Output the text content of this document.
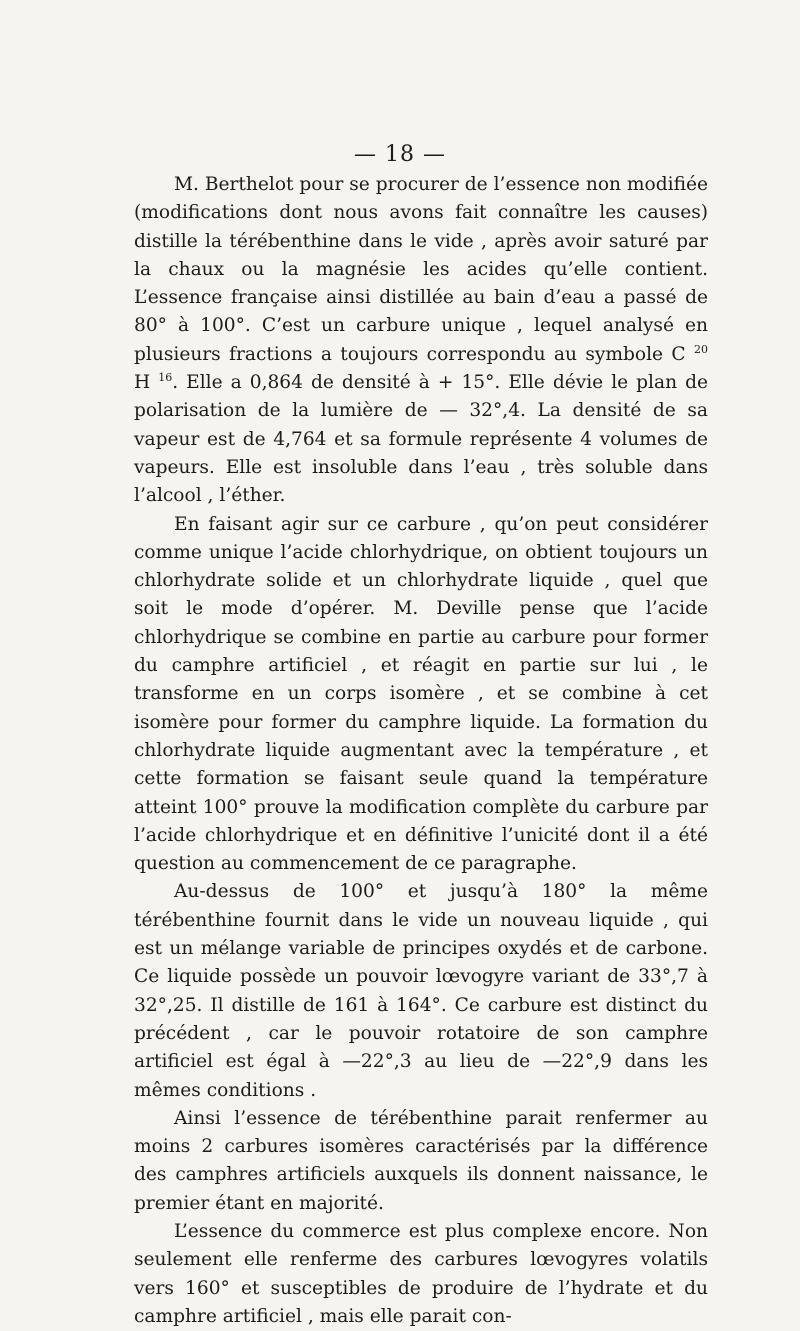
— 18 —

M. Berthelot pour se procurer de l’essence non modifiée (modifications dont nous avons fait connaître les causes) distille la térébenthine dans le vide , après avoir saturé par la chaux ou la magnésie les acides qu’elle contient. L’essence française ainsi distillée au bain d’eau a passé de 80° à 100°. C’est un carbure unique , lequel analysé en plusieurs fractions a toujours correspondu au symbole C $^{20}$ H $^{16}$. Elle a 0,864 de densité à + 15°. Elle dévie le plan de polarisation de la lumière de — 32°,4. La densité de sa vapeur est de 4,764 et sa formule représente 4 volumes de vapeurs. Elle est insoluble dans l’eau , très soluble dans l’alcool , l’éther.

En faisant agir sur ce carbure , qu’on peut considérer comme unique l’acide chlorhydrique, on obtient toujours un chlorhydrate solide et un chlorhydrate liquide , quel que soit le mode d’opérer. M. Deville pense que l’acide chlorhydrique se combine en partie au carbure pour former du camphre artificiel , et réagit en partie sur lui , le transforme en un corps isomère , et se combine à cet isomère pour former du camphre liquide. La formation du chlorhydrate liquide augmentant avec la température , et cette formation se faisant seule quand la température atteint 100° prouve la modification complète du carbure par l’acide chlorhydrique et en définitive l’unicité dont il a été question au commencement de ce paragraphe.

Au-dessus de 100° et jusqu’à 180° la même térébenthine fournit dans le vide un nouveau liquide , qui est un mélange variable de principes oxydés et de carbone. Ce liquide possède un pouvoir lœvogyre variant de 33°,7 à 32°,25. Il distille de 161 à 164°. Ce carbure est distinct du précédent , car le pouvoir rotatoire de son camphre artificiel est égal à —22°,3 au lieu de —22°,9 dans les mêmes conditions .

Ainsi l’essence de térébenthine parait renfermer au moins 2 carbures isomères caractérisés par la différence des camphres artificiels auxquels ils donnent naissance, le premier étant en majorité.

L’essence du commerce est plus complexe encore. Non seulement elle renferme des carbures lœvogyres volatils vers 160° et susceptibles de produire de l’hydrate et du camphre artificiel , mais elle parait con-
